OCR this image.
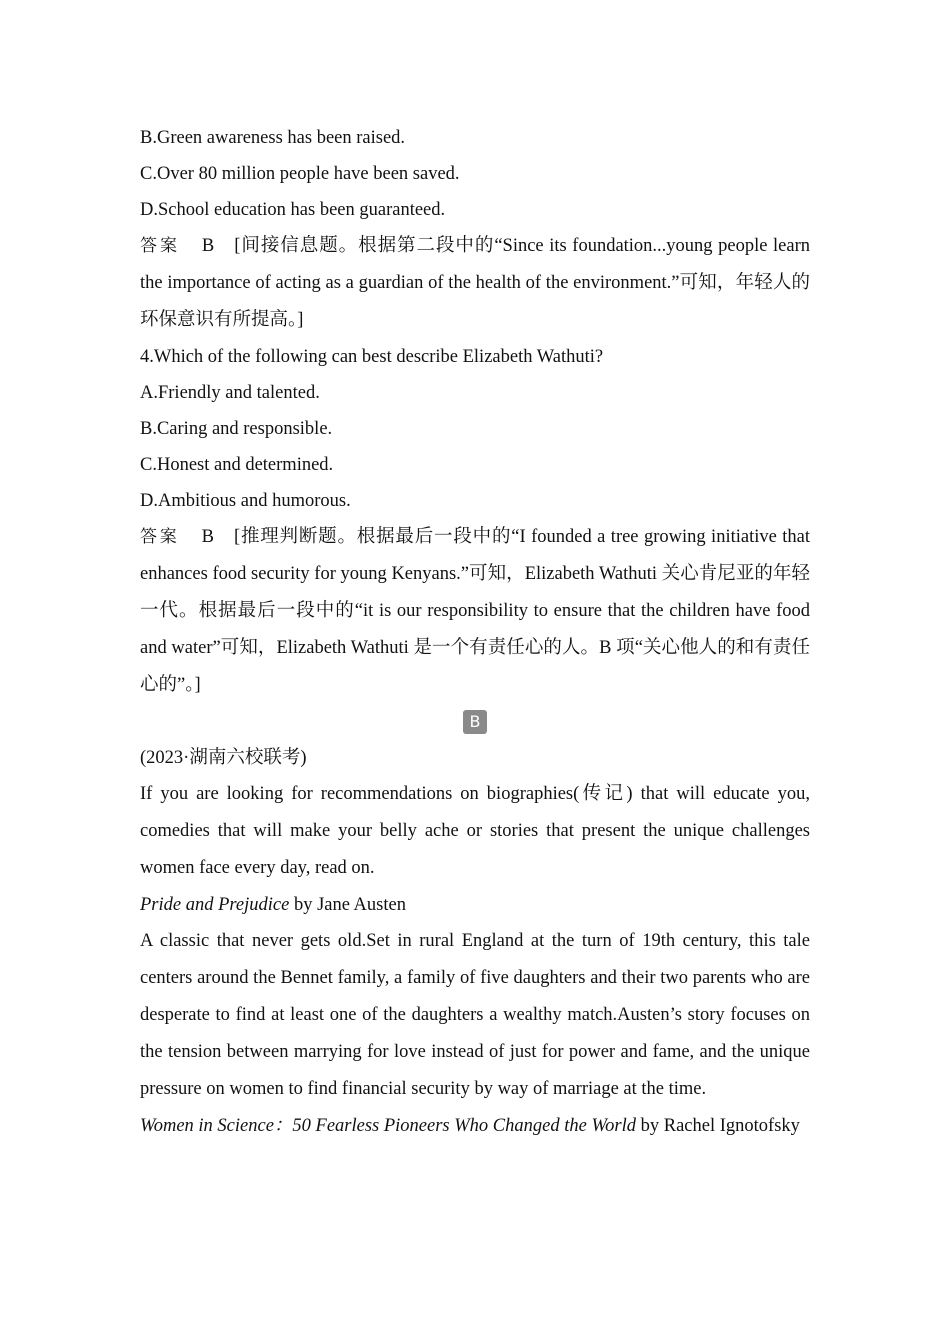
B.Green awareness has been raised.

C.Over 80 million people have been saved.

D.School education has been guaranteed.

答案 B [间接信息题。根据第二段中的“Since its foundation...young people learn the importance of acting as a guardian of the health of the environment.”可知，年轻人的环保意识有所提高。]

4.Which of the following can best describe Elizabeth Wathuti?

A.Friendly and talented.

B.Caring and responsible.

C.Honest and determined.

D.Ambitious and humorous.

答案 B [推理判断题。根据最后一段中的“I founded a tree growing initiative that enhances food security for young Kenyans.”可知，Elizabeth Wathuti 关心肯尼亚的年轻一代。根据最后一段中的“it is our responsibility to ensure that the children have food and water”可知，Elizabeth Wathuti 是一个有责任心的人。B 项“关心他人的和有责任心的”。]

B

(2023·湖南六校联考)

If you are looking for recommendations on biographies(传记) that will educate you, comedies that will make your belly ache or stories that present the unique challenges women face every day, read on.

Pride and Prejudice by Jane Austen

A classic that never gets old.Set in rural England at the turn of 19th century, this tale centers around the Bennet family, a family of five daughters and their two parents who are desperate to find at least one of the daughters a wealthy match.Austen’s story focuses on the tension between marrying for love instead of just for power and fame, and the unique pressure on women to find financial security by way of marriage at the time.

Women in Science：50 Fearless Pioneers Who Changed the World by Rachel Ignotofsky
